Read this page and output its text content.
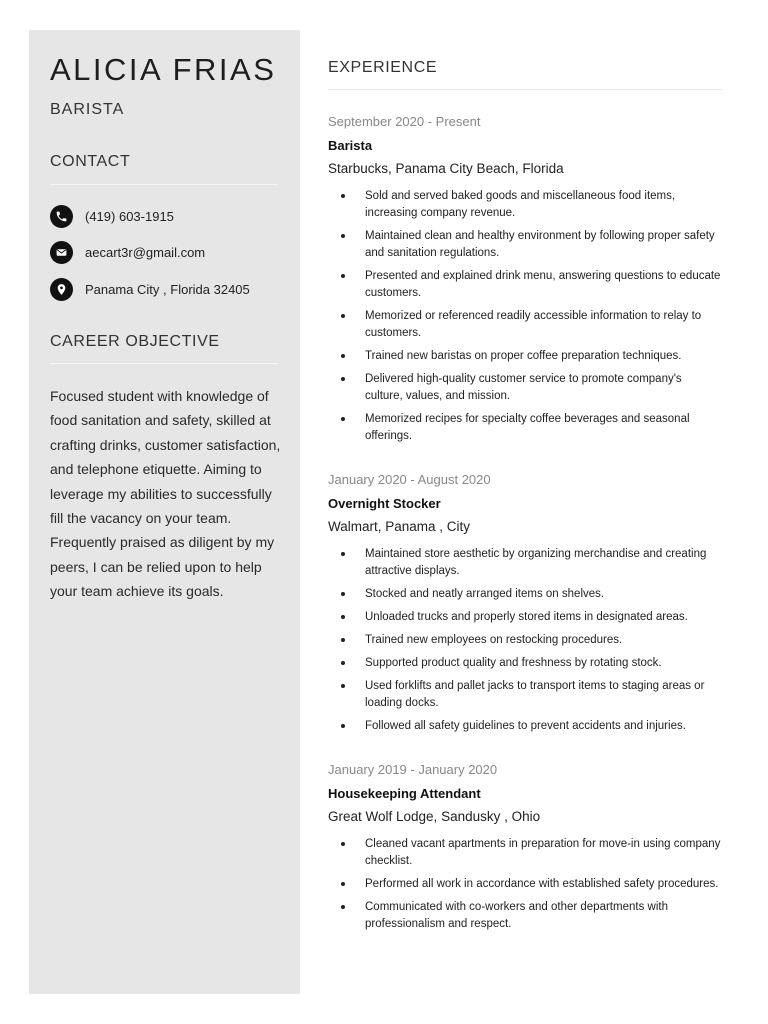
ALICIA FRIAS
BARISTA
CONTACT
(419) 603-1915
aecart3r@gmail.com
Panama City , Florida 32405
CAREER OBJECTIVE
Focused student with knowledge of food sanitation and safety, skilled at crafting drinks, customer satisfaction, and telephone etiquette. Aiming to leverage my abilities to successfully fill the vacancy on your team. Frequently praised as diligent by my peers, I can be relied upon to help your team achieve its goals.
EXPERIENCE
September 2020 - Present
Barista
Starbucks, Panama City Beach, Florida
Sold and served baked goods and miscellaneous food items, increasing company revenue.
Maintained clean and healthy environment by following proper safety and sanitation regulations.
Presented and explained drink menu, answering questions to educate customers.
Memorized or referenced readily accessible information to relay to customers.
Trained new baristas on proper coffee preparation techniques.
Delivered high-quality customer service to promote company's culture, values, and mission.
Memorized recipes for specialty coffee beverages and seasonal offerings.
January 2020 - August 2020
Overnight Stocker
Walmart, Panama , City
Maintained store aesthetic by organizing merchandise and creating attractive displays.
Stocked and neatly arranged items on shelves.
Unloaded trucks and properly stored items in designated areas.
Trained new employees on restocking procedures.
Supported product quality and freshness by rotating stock.
Used forklifts and pallet jacks to transport items to staging areas or loading docks.
Followed all safety guidelines to prevent accidents and injuries.
January 2019 - January 2020
Housekeeping Attendant
Great Wolf Lodge, Sandusky , Ohio
Cleaned vacant apartments in preparation for move-in using company checklist.
Performed all work in accordance with established safety procedures.
Communicated with co-workers and other departments with professionalism and respect.
